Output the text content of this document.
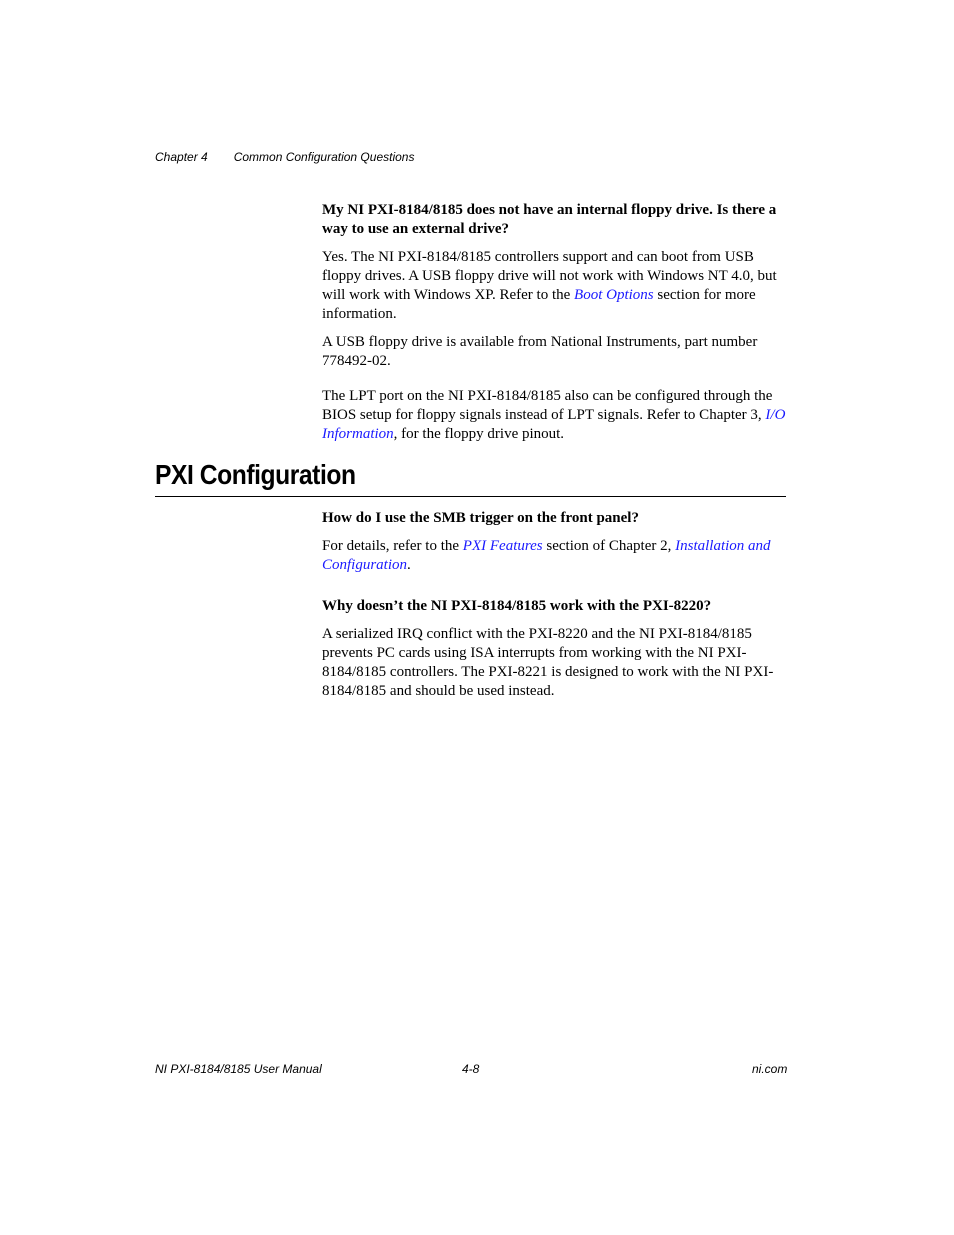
Chapter 4 Common Configuration Questions

My NI PXI-8184/8185 does not have an internal floppy drive. Is there a way to use an external drive?

Yes. The NI PXI-8184/8185 controllers support and can boot from USB floppy drives. A USB floppy drive will not work with Windows NT 4.0, but will work with Windows XP. Refer to the Boot Options section for more information.

A USB floppy drive is available from National Instruments, part number 778492-02.

The LPT port on the NI PXI-8184/8185 also can be configured through the BIOS setup for floppy signals instead of LPT signals. Refer to Chapter 3, I/O Information, for the floppy drive pinout.

PXI Configuration

How do I use the SMB trigger on the front panel?

For details, refer to the PXI Features section of Chapter 2, Installation and Configuration.

Why doesn’t the NI PXI-8184/8185 work with the PXI-8220?

A serialized IRQ conflict with the PXI-8220 and the NI PXI-8184/8185 prevents PC cards using ISA interrupts from working with the NI PXI-8184/8185 controllers. The PXI-8221 is designed to work with the NI PXI-8184/8185 and should be used instead.

NI PXI-8184/8185 User Manual	4-8	ni.com
